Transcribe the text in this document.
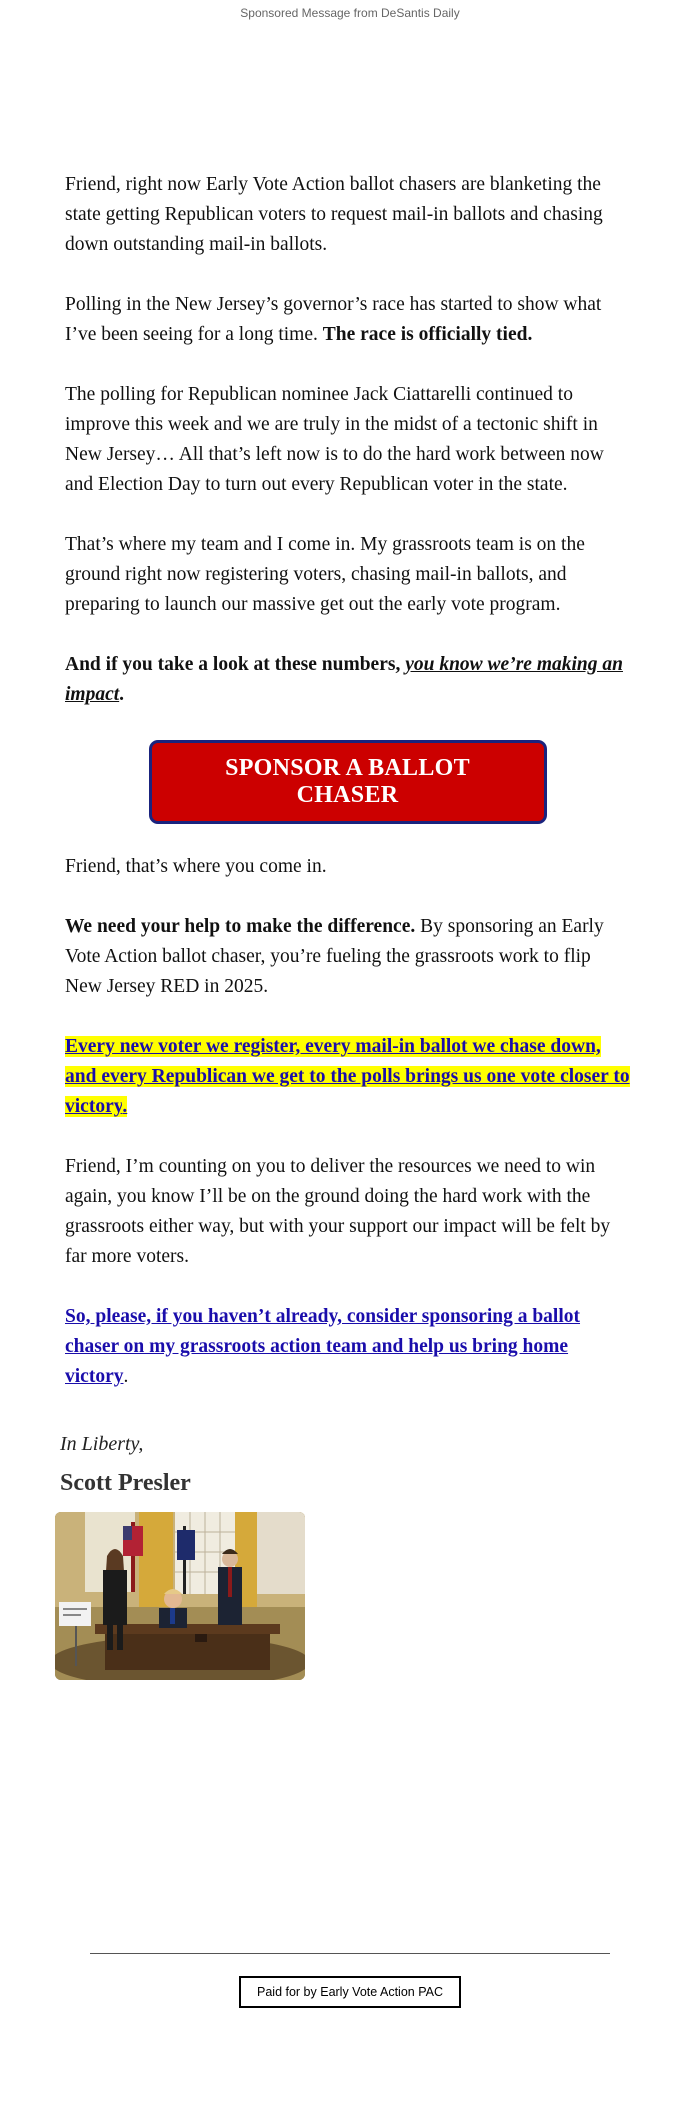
Sponsored Message from DeSantis Daily

Friend, right now Early Vote Action ballot chasers are blanketing the state getting Republican voters to request mail-in ballots and chasing down outstanding mail-in ballots.

Polling in the New Jersey’s governor’s race has started to show what I’ve been seeing for a long time. The race is officially tied.

The polling for Republican nominee Jack Ciattarelli continued to improve this week and we are truly in the midst of a tectonic shift in New Jersey… All that’s left now is to do the hard work between now and Election Day to turn out every Republican voter in the state.

That’s where my team and I come in. My grassroots team is on the ground right now registering voters, chasing mail-in ballots, and preparing to launch our massive get out the early vote program.

And if you take a look at these numbers, you know we’re making an impact.

SPONSOR A BALLOT CHASER

Friend, that’s where you come in.

We need your help to make the difference. By sponsoring an Early Vote Action ballot chaser, you’re fueling the grassroots work to flip New Jersey RED in 2025.

Every new voter we register, every mail-in ballot we chase down, and every Republican we get to the polls brings us one vote closer to victory.

Friend, I’m counting on you to deliver the resources we need to win again, you know I’ll be on the ground doing the hard work with the grassroots either way, but with your support our impact will be felt by far more voters.

So, please, if you haven’t already, consider sponsoring a ballot chaser on my grassroots action team and help us bring home victory.

In Liberty,

Scott Presler

Paid for by Early Vote Action PAC
